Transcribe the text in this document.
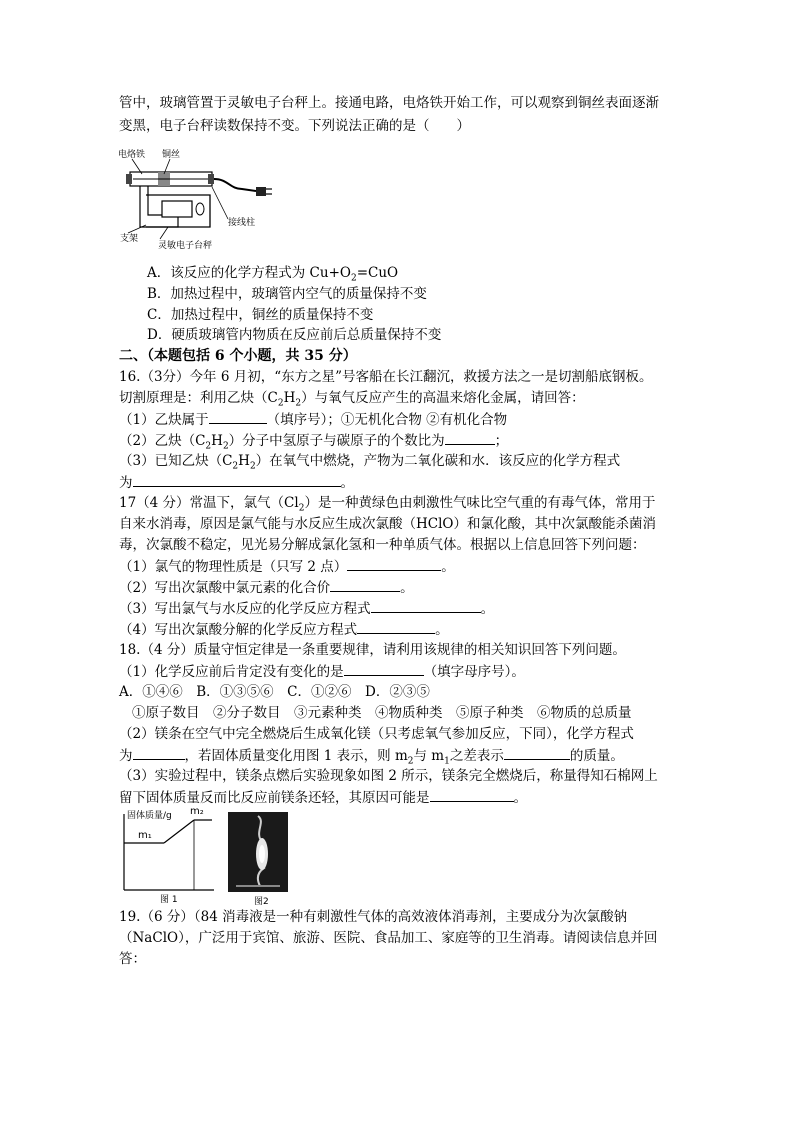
管中，玻璃管置于灵敏电子台秤上。接通电路，电烙铁开始工作，可以观察到铜丝表面逐渐
变黑，电子台秤读数保持不变。下列说法正确的是（　　）
电烙铁 铜丝
接线柱
支架
灵敏电子台秤
A．该反应的化学方程式为 $Cu+O_2=CuO$
B．加热过程中，玻璃管内空气的质量保持不变
C．加热过程中，铜丝的质量保持不变
D．硬质玻璃管内物质在反应前后总质量保持不变
二、（本题包括 6 个小题，共 35 分）
16.（3分）今年 6 月初，“东方之星”号客船在长江翻沉，救援方法之一是切割船底钢板。
切割原理是：利用乙炔$(C_2H_2)$与氧气反应产生的高温来熔化金属，请回答：
（1）乙炔属于	（填序号）；①无机化合物 ②有机化合物
（2）乙炔$(C_2H_2)$分子中氢原子与碳原子的个数比为	；
（3）已知乙炔$(C_2H_2)$在氧气中燃烧，产物为二氧化碳和水．该反应的化学方程式
为	。
17（4 分）常温下，氯气$(Cl_2)$是一种黄绿色由刺激性气味比空气重的有毒气体，常用于
自来水消毒，原因是氯气能与水反应生成次氯酸（HClO）和氯化酸，其中次氯酸能杀菌消
毒，次氯酸不稳定，见光易分解成氯化氢和一种单质气体。根据以上信息回答下列问题：
（1）氯气的物理性质是（只写 2 点）	。
（2）写出次氯酸中氯元素的化合价	。
（3）写出氯气与水反应的化学反应方程式	。
（4）写出次氯酸分解的化学反应方程式	。
18.（4 分）质量守恒定律是一条重要规律，请利用该规律的相关知识回答下列问题。
（1）化学反应前后肯定没有变化的是	（填字母序号）。
A．①④⑥　B．①③⑤⑥　C．①②⑥　D．②③⑤
①原子数目　②分子数目　③元素种类　④物质种类　⑤原子种类　⑥物质的总质量
（2）镁条在空气中完全燃烧后生成氧化镁（只考虑氧气参加反应，下同），化学方程式
为	，若固体质量变化用图 1 表示，则 $m_2$与 $m_1$之差表示	的质量。
（3）实验过程中，镁条点燃后实验现象如图 2 所示，镁条完全燃烧后，称量得知石棉网上
留下固体质量反而比反应前镁条还轻，其原因可能是	。
固体质量/g
m₁
m₂
图 1	图2
19.（6 分）（84 消毒液是一种有刺激性气体的高效液体消毒剂，主要成分为次氯酸钠
（NaClO），广泛用于宾馆、旅游、医院、食品加工、家庭等的卫生消毒。请阅读信息并回
答：
